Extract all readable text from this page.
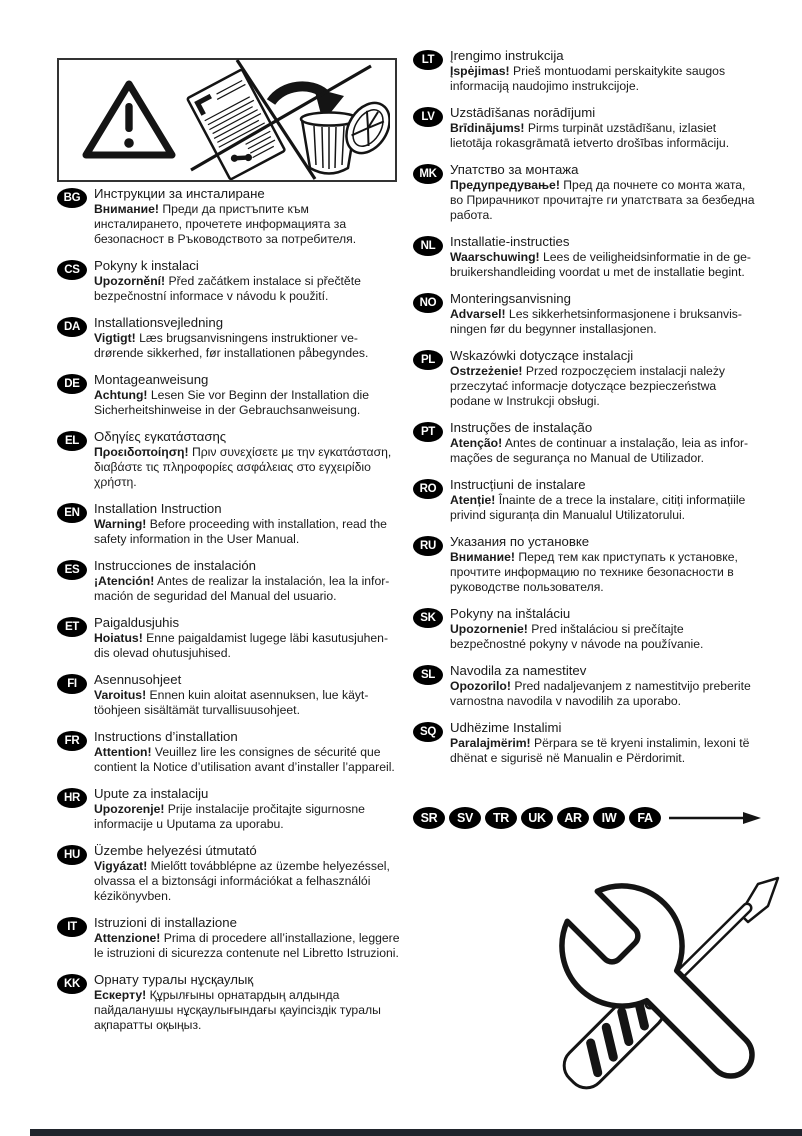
BG	Инструкции за инсталиране
Внимание! Преди да пристъпите към
инсталирането, прочетете информацията за
безопасност в Ръководството за потребителя.
CS	Pokyny k instalaci
Upozornění! Před začátkem instalace si přečtěte
bezpečnostní informace v návodu k použití.
DA	Installationsvejledning
Vigtigt! Læs brugsanvisningens instruktioner ve-
drørende sikkerhed, før installationen påbegyndes.
DE	Montageanweisung
Achtung! Lesen Sie vor Beginn der Installation die
Sicherheitshinweise in der Gebrauchsanweisung.
EL	Οδηγίες εγκατάστασης
Προειδοποίηση! Πριν συνεχίσετε με την εγκατάσταση,
διαβάστε τις πληροφορίες ασφάλειας στο εγχειρίδιο
χρήστη.
EN	Installation Instruction
Warning! Before proceeding with installation, read the
safety information in the User Manual.
ES	Instrucciones de instalación
¡Atención! Antes de realizar la instalación, lea la infor-
mación de seguridad del Manual del usuario.
ET	Paigaldusjuhis
Hoiatus! Enne paigaldamist lugege läbi kasutusjuhen-
dis olevad ohutusjuhised.
FI	Asennusohjeet
Varoitus! Ennen kuin aloitat asennuksen, lue käyt-
töohjeen sisältämät turvallisuusohjeet.
FR	Instructions d’installation
Attention! Veuillez lire les consignes de sécurité que
contient la Notice d’utilisation avant d’installer l’appareil.
HR	Upute za instalaciju
Upozorenje! Prije instalacije pročitajte sigurnosne
informacije u Uputama za uporabu.
HU	Üzembe helyezési útmutató
Vigyázat! Mielőtt továbblépne az üzembe helyezéssel,
olvassa el a biztonsági információkat a felhasználói
kézikönyvben.
IT	Istruzioni di installazione
Attenzione! Prima di procedere all’installazione, leggere
le istruzioni di sicurezza contenute nel Libretto Istruzioni.
KK	Орнату туралы нұсқаулық
Ескерту! Құрылғыны орнатардың алдында
пайдаланушы нұсқаулығындағы қауіпсіздік туралы
ақпаратты оқыңыз.
LT	Įrengimo instrukcija
Įspėjimas! Prieš montuodami perskaitykite saugos
informaciją naudojimo instrukcijoje.
LV	Uzstādīšanas norādījumi
Brīdinājums! Pirms turpināt uzstādīšanu, izlasiet
lietotāja rokasgrāmatā ietverto drošības informāciju.
MK	Упатство за монтажа
Предупредување! Пред да почнете со монта жата,
во Прирачникот прочитајте ги упатствата за безбедна
работа.
NL	Installatie-instructies
Waarschuwing! Lees de veiligheidsinformatie in de ge-
bruikershandleiding voordat u met de installatie begint.
NO	Monteringsanvisning
Advarsel! Les sikkerhetsinformasjonene i bruksanvis-
ningen før du begynner installasjonen.
PL	Wskazówki dotyczące instalacji
Ostrzeżenie! Przed rozpoczęciem instalacji należy
przeczytać informacje dotyczące bezpieczeństwa
podane w Instrukcji obsługi.
PT	Instruções de instalação
Atenção! Antes de continuar a instalação, leia as infor-
mações de segurança no Manual de Utilizador.
RO	Instrucțiuni de instalare
Atenție! Înainte de a trece la instalare, citiți informațiile
privind siguranța din Manualul Utilizatorului.
RU	Указания по установке
Внимание! Перед тем как приступать к установке,
прочтите информацию по технике безопасности в
руководстве пользователя.
SK	Pokyny na inštaláciu
Upozornenie! Pred inštaláciou si prečítajte
bezpečnostné pokyny v návode na používanie.
SL	Navodila za namestitev
Opozorilo! Pred nadaljevanjem z namestitvijo preberite
varnostna navodila v navodilih za uporabo.
SQ	Udhëzime Instalimi
Paralajmërim! Përpara se të kryeni instalimin, lexoni të
dhënat e sigurisë në Manualin e Përdorimit.
SR	SV	TR	UK	AR	IW	FA
